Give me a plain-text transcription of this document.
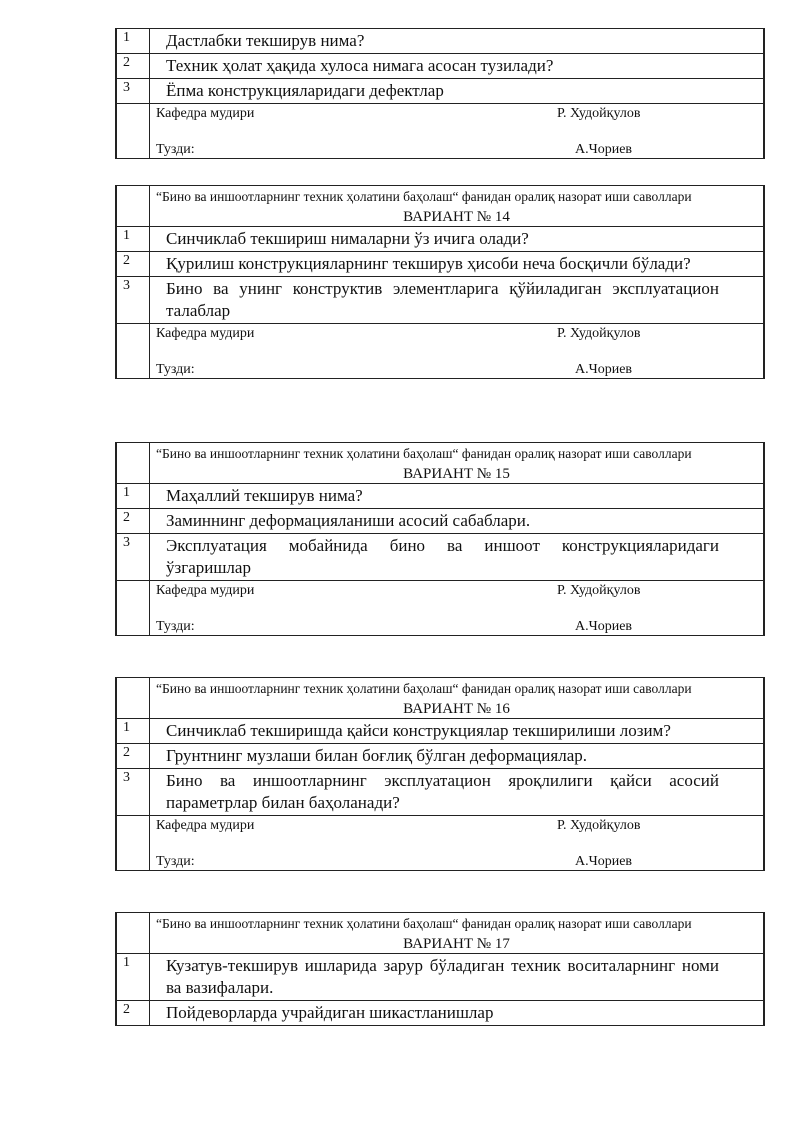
1	Дастлабки текширув нима?
2	Техник ҳолат ҳақида хулоса нимага асосан тузилади?
3	Ёпма конструкцияларидаги дефектлар

	Кафедра мудири Р. Худойқулов
Тузди: А.Чориев

	“Бино ва иншоотларнинг техник ҳолатини баҳолаш“ фанидан оралиқ назорат иши саволлари
ВАРИАНТ № 14

1	Синчиклаб текшириш нималарни ўз ичига олади?
2	Қурилиш конструкцияларнинг текширув ҳисоби неча босқичли бўлади?
3	Бино ва унинг конструктив элементларига қўйиладиган эксплуатацион талаблар

	Кафедра мудири Р. Худойқулов
Тузди: А.Чориев

	“Бино ва иншоотларнинг техник ҳолатини баҳолаш“ фанидан оралиқ назорат иши саволлари
ВАРИАНТ № 15

1	Маҳаллий текширув нима?
2	Заминнинг деформацияланиши асосий сабаблари.
3	Эксплуатация мобайнида бино ва иншоот конструкцияларидаги ўзгаришлар

	Кафедра мудири Р. Худойқулов
Тузди: А.Чориев

	“Бино ва иншоотларнинг техник ҳолатини баҳолаш“ фанидан оралиқ назорат иши саволлари
ВАРИАНТ № 16

1	Синчиклаб текширишда қайси конструкциялар текширилиши лозим?
2	Грунтнинг музлаши билан боғлиқ бўлган деформациялар.
3	Бино ва иншоотларнинг эксплуатацион яроқлилиги қайси асосий параметрлар билан баҳоланади?

	Кафедра мудири Р. Худойқулов
Тузди: А.Чориев

	“Бино ва иншоотларнинг техник ҳолатини баҳолаш“ фанидан оралиқ назорат иши саволлари
ВАРИАНТ № 17

1	Кузатув-текширув ишларида зарур бўладиган техник воситаларнинг номи ва вазифалари.
2	Пойдеворларда учрайдиган шикастланишлар
